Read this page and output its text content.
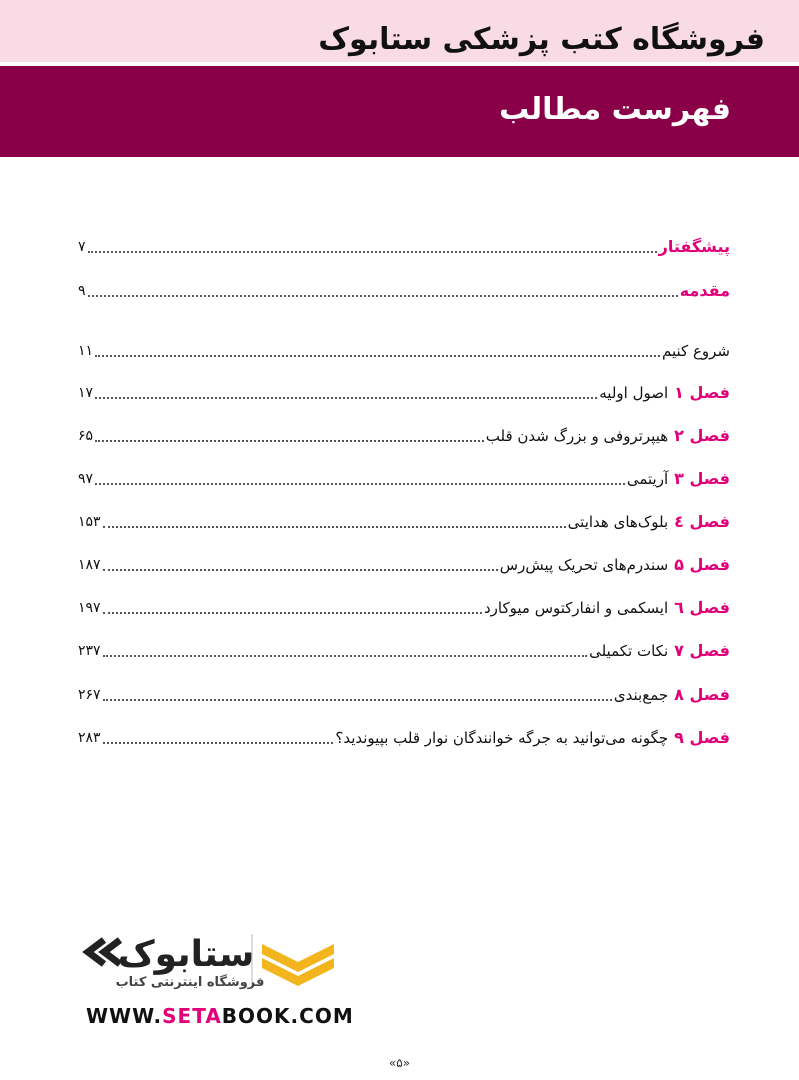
فروشگاه کتب پزشکی ستابوک
فهرست مطالب
پیشگفتار
۷
مقدمه
۹
شروع کنیم
۱۱
فصل ۱اصول اولیه
۱۷
فصل ۲هیپرتروفی و بزرگ شدن قلب
۶۵
فصل ۳آریتمی
۹۷
فصل ٤بلوک‌های هدایتی
۱۵۳
فصل ۵سندرم‌های تحریک پیش‌رس
۱۸۷
فصل ٦ایسکمی و انفارکتوس میوکارد
۱۹۷
فصل ۷نکات تکمیلی
۲۳۷
فصل ۸جمع‌بندی
۲۶۷
فصل ۹چگونه می‌توانید به جرگه خوانندگان نوار قلب بپیوندید؟
۲۸۳
ستابوک
فروشگاه اینترنتی کتاب
WWW.SETABOOK.COM
«۵»
